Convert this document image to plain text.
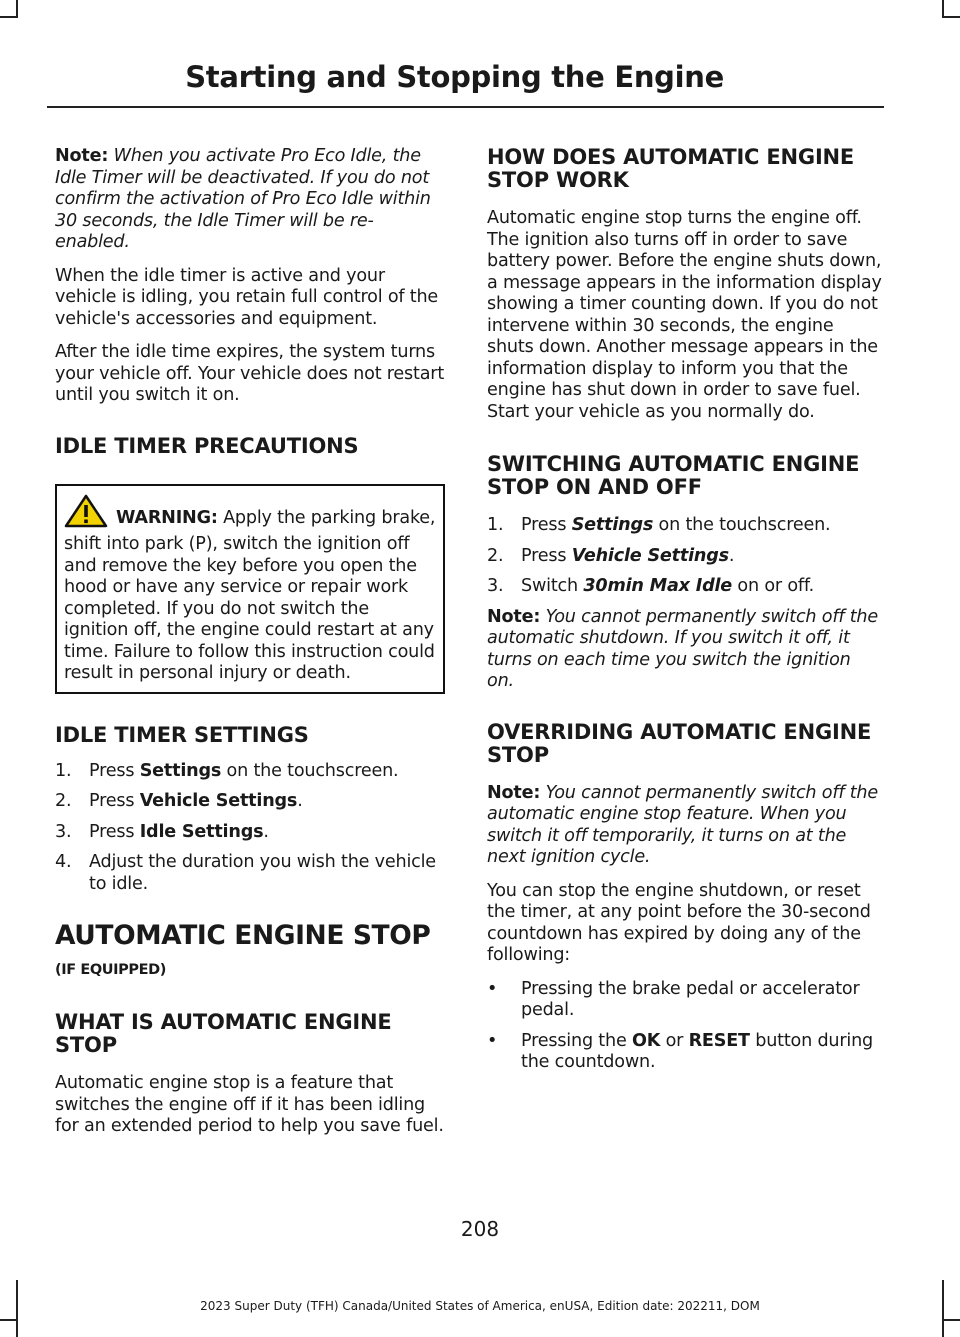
Starting and Stopping the Engine

Note: When you activate Pro Eco Idle, the Idle Timer will be deactivated. If you do not confirm the activation of Pro Eco Idle within 30 seconds, the Idle Timer will be re-enabled.

When the idle timer is active and your vehicle is idling, you retain full control of the vehicle's accessories and equipment.

After the idle time expires, the system turns your vehicle off. Your vehicle does not restart until you switch it on.

IDLE TIMER PRECAUTIONS

WARNING: Apply the parking brake, shift into park (P), switch the ignition off and remove the key before you open the hood or have any service or repair work completed. If you do not switch the ignition off, the engine could restart at any time. Failure to follow this instruction could result in personal injury or death.

IDLE TIMER SETTINGS
1. Press Settings on the touchscreen.
2. Press Vehicle Settings.
3. Press Idle Settings.
4. Adjust the duration you wish the vehicle to idle.
AUTOMATIC ENGINE STOP (IF EQUIPPED)
WHAT IS AUTOMATIC ENGINE STOP

Automatic engine stop is a feature that switches the engine off if it has been idling for an extended period to help you save fuel.

HOW DOES AUTOMATIC ENGINE STOP WORK

Automatic engine stop turns the engine off. The ignition also turns off in order to save battery power. Before the engine shuts down, a message appears in the information display showing a timer counting down. If you do not intervene within 30 seconds, the engine shuts down. Another message appears in the information display to inform you that the engine has shut down in order to save fuel. Start your vehicle as you normally do.

SWITCHING AUTOMATIC ENGINE STOP ON AND OFF
1. Press Settings on the touchscreen.
2. Press Vehicle Settings.
3. Switch 30min Max Idle on or off.

Note: You cannot permanently switch off the automatic shutdown. If you switch it off, it turns on each time you switch the ignition on.

OVERRIDING AUTOMATIC ENGINE STOP

Note: You cannot permanently switch off the automatic engine stop feature. When you switch it off temporarily, it turns on at the next ignition cycle.

You can stop the engine shutdown, or reset the timer, at any point before the 30-second countdown has expired by doing any of the following:

• Pressing the brake pedal or accelerator pedal.
• Pressing the OK or RESET button during the countdown.
208
2023 Super Duty (TFH) Canada/United States of America, enUSA, Edition date: 202211, DOM
